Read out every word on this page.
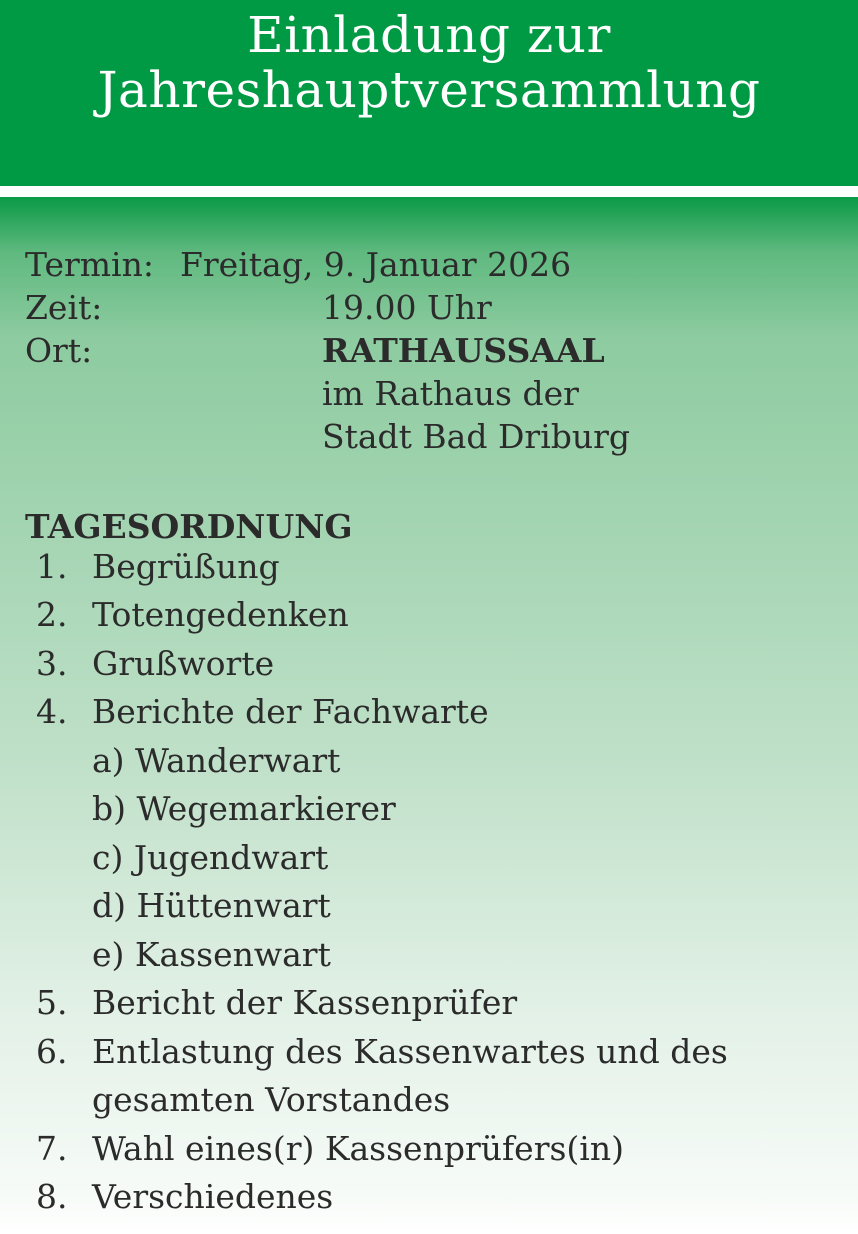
Einladung zur
Jahreshauptversammlung
Termin: Freitag, 9. Januar 2026
Zeit:	19.00 Uhr
Ort:	RATHAUSSAAL
im Rathaus der
Stadt Bad Driburg
TAGESORDNUNG
1. Begrüßung
2. Totengedenken
3. Grußworte
4. Berichte der Fachwarte
a) Wanderwart
b) Wegemarkierer
c) Jugendwart
d) Hüttenwart
e) Kassenwart
5. Bericht der Kassenprüfer
6. Entlastung des Kassenwartes und des
gesamten Vorstandes
7. Wahl eines(r) Kassenprüfers(in)
8. Verschiedenes
